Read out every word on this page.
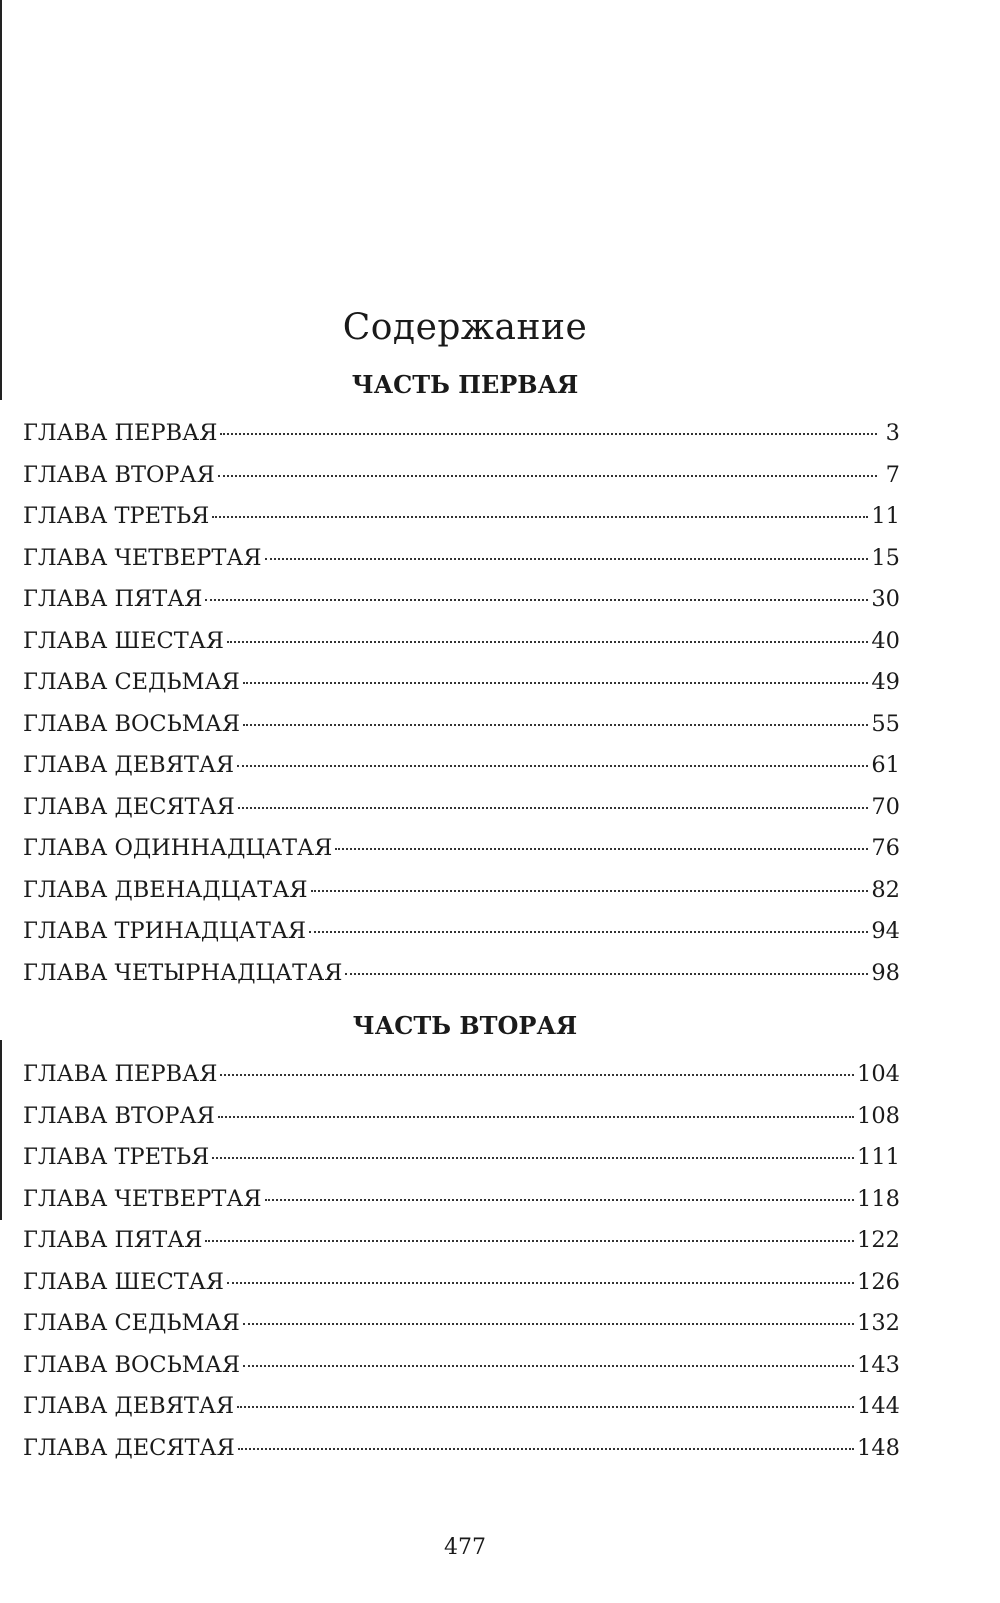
Содержание
ЧАСТЬ ПЕРВАЯ
ГЛАВА ПЕРВАЯ	3
ГЛАВА ВТОРАЯ	7
ГЛАВА ТРЕТЬЯ	11
ГЛАВА ЧЕТВЕРТАЯ	15
ГЛАВА ПЯТАЯ	30
ГЛАВА ШЕСТАЯ	40
ГЛАВА СЕДЬМАЯ	49
ГЛАВА ВОСЬМАЯ	55
ГЛАВА ДЕВЯТАЯ	61
ГЛАВА ДЕСЯТАЯ	70
ГЛАВА ОДИННАДЦАТАЯ	76
ГЛАВА ДВЕНАДЦАТАЯ	82
ГЛАВА ТРИНАДЦАТАЯ	94
ГЛАВА ЧЕТЫРНАДЦАТАЯ	98
ЧАСТЬ ВТОРАЯ
ГЛАВА ПЕРВАЯ	104
ГЛАВА ВТОРАЯ	108
ГЛАВА ТРЕТЬЯ	111
ГЛАВА ЧЕТВЕРТАЯ	118
ГЛАВА ПЯТАЯ	122
ГЛАВА ШЕСТАЯ	126
ГЛАВА СЕДЬМАЯ	132
ГЛАВА ВОСЬМАЯ	143
ГЛАВА ДЕВЯТАЯ	144
ГЛАВА ДЕСЯТАЯ	148
477
